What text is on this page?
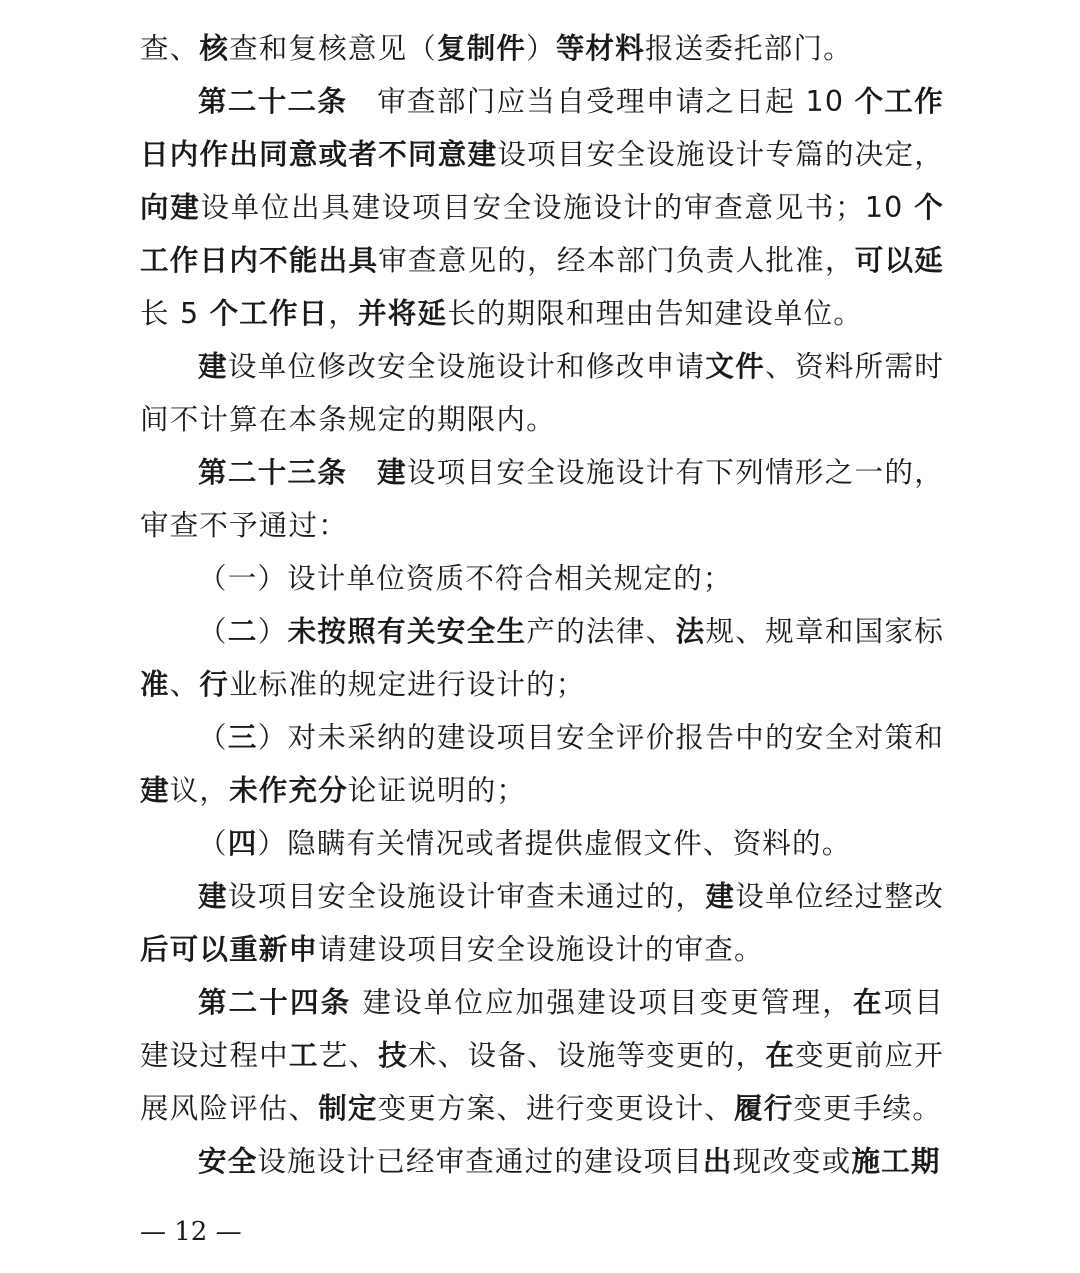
查、核查和复核意见（复制件）等材料报送委托部门。

第二十二条　审查部门应当自受理申请之日起 10 个工作日内作出同意或者不同意建设项目安全设施设计专篇的决定，向建设单位出具建设项目安全设施设计的审查意见书；10 个工作日内不能出具审查意见的，经本部门负责人批准，可以延长 5 个工作日，并将延长的期限和理由告知建设单位。

建设单位修改安全设施设计和修改申请文件、资料所需时间不计算在本条规定的期限内。

第二十三条　 建设项目安全设施设计有下列情形之一的，审查不予通过：

（一）设计单位资质不符合相关规定的；

（二）未按照有关安全生产的法律、法规、规章和国家标准、行业标准的规定进行设计的；

（三）对未采纳的建设项目安全评价报告中的安全对策和建议，未作充分论证说明的；

（四）隐瞒有关情况或者提供虚假文件、资料的。

建设项目安全设施设计审查未通过的，建设单位经过整改后可以重新申请建设项目安全设施设计的审查。

第二十四条 建设单位应加强建设项目变更管理，在项目建设过程中工艺、技术、设备、设施等变更的，在变更前应开展风险评估、制定变更方案、进行变更设计、履行变更手续。

安全设施设计已经审查通过的建设项目出现改变或施工期

— 12 —
